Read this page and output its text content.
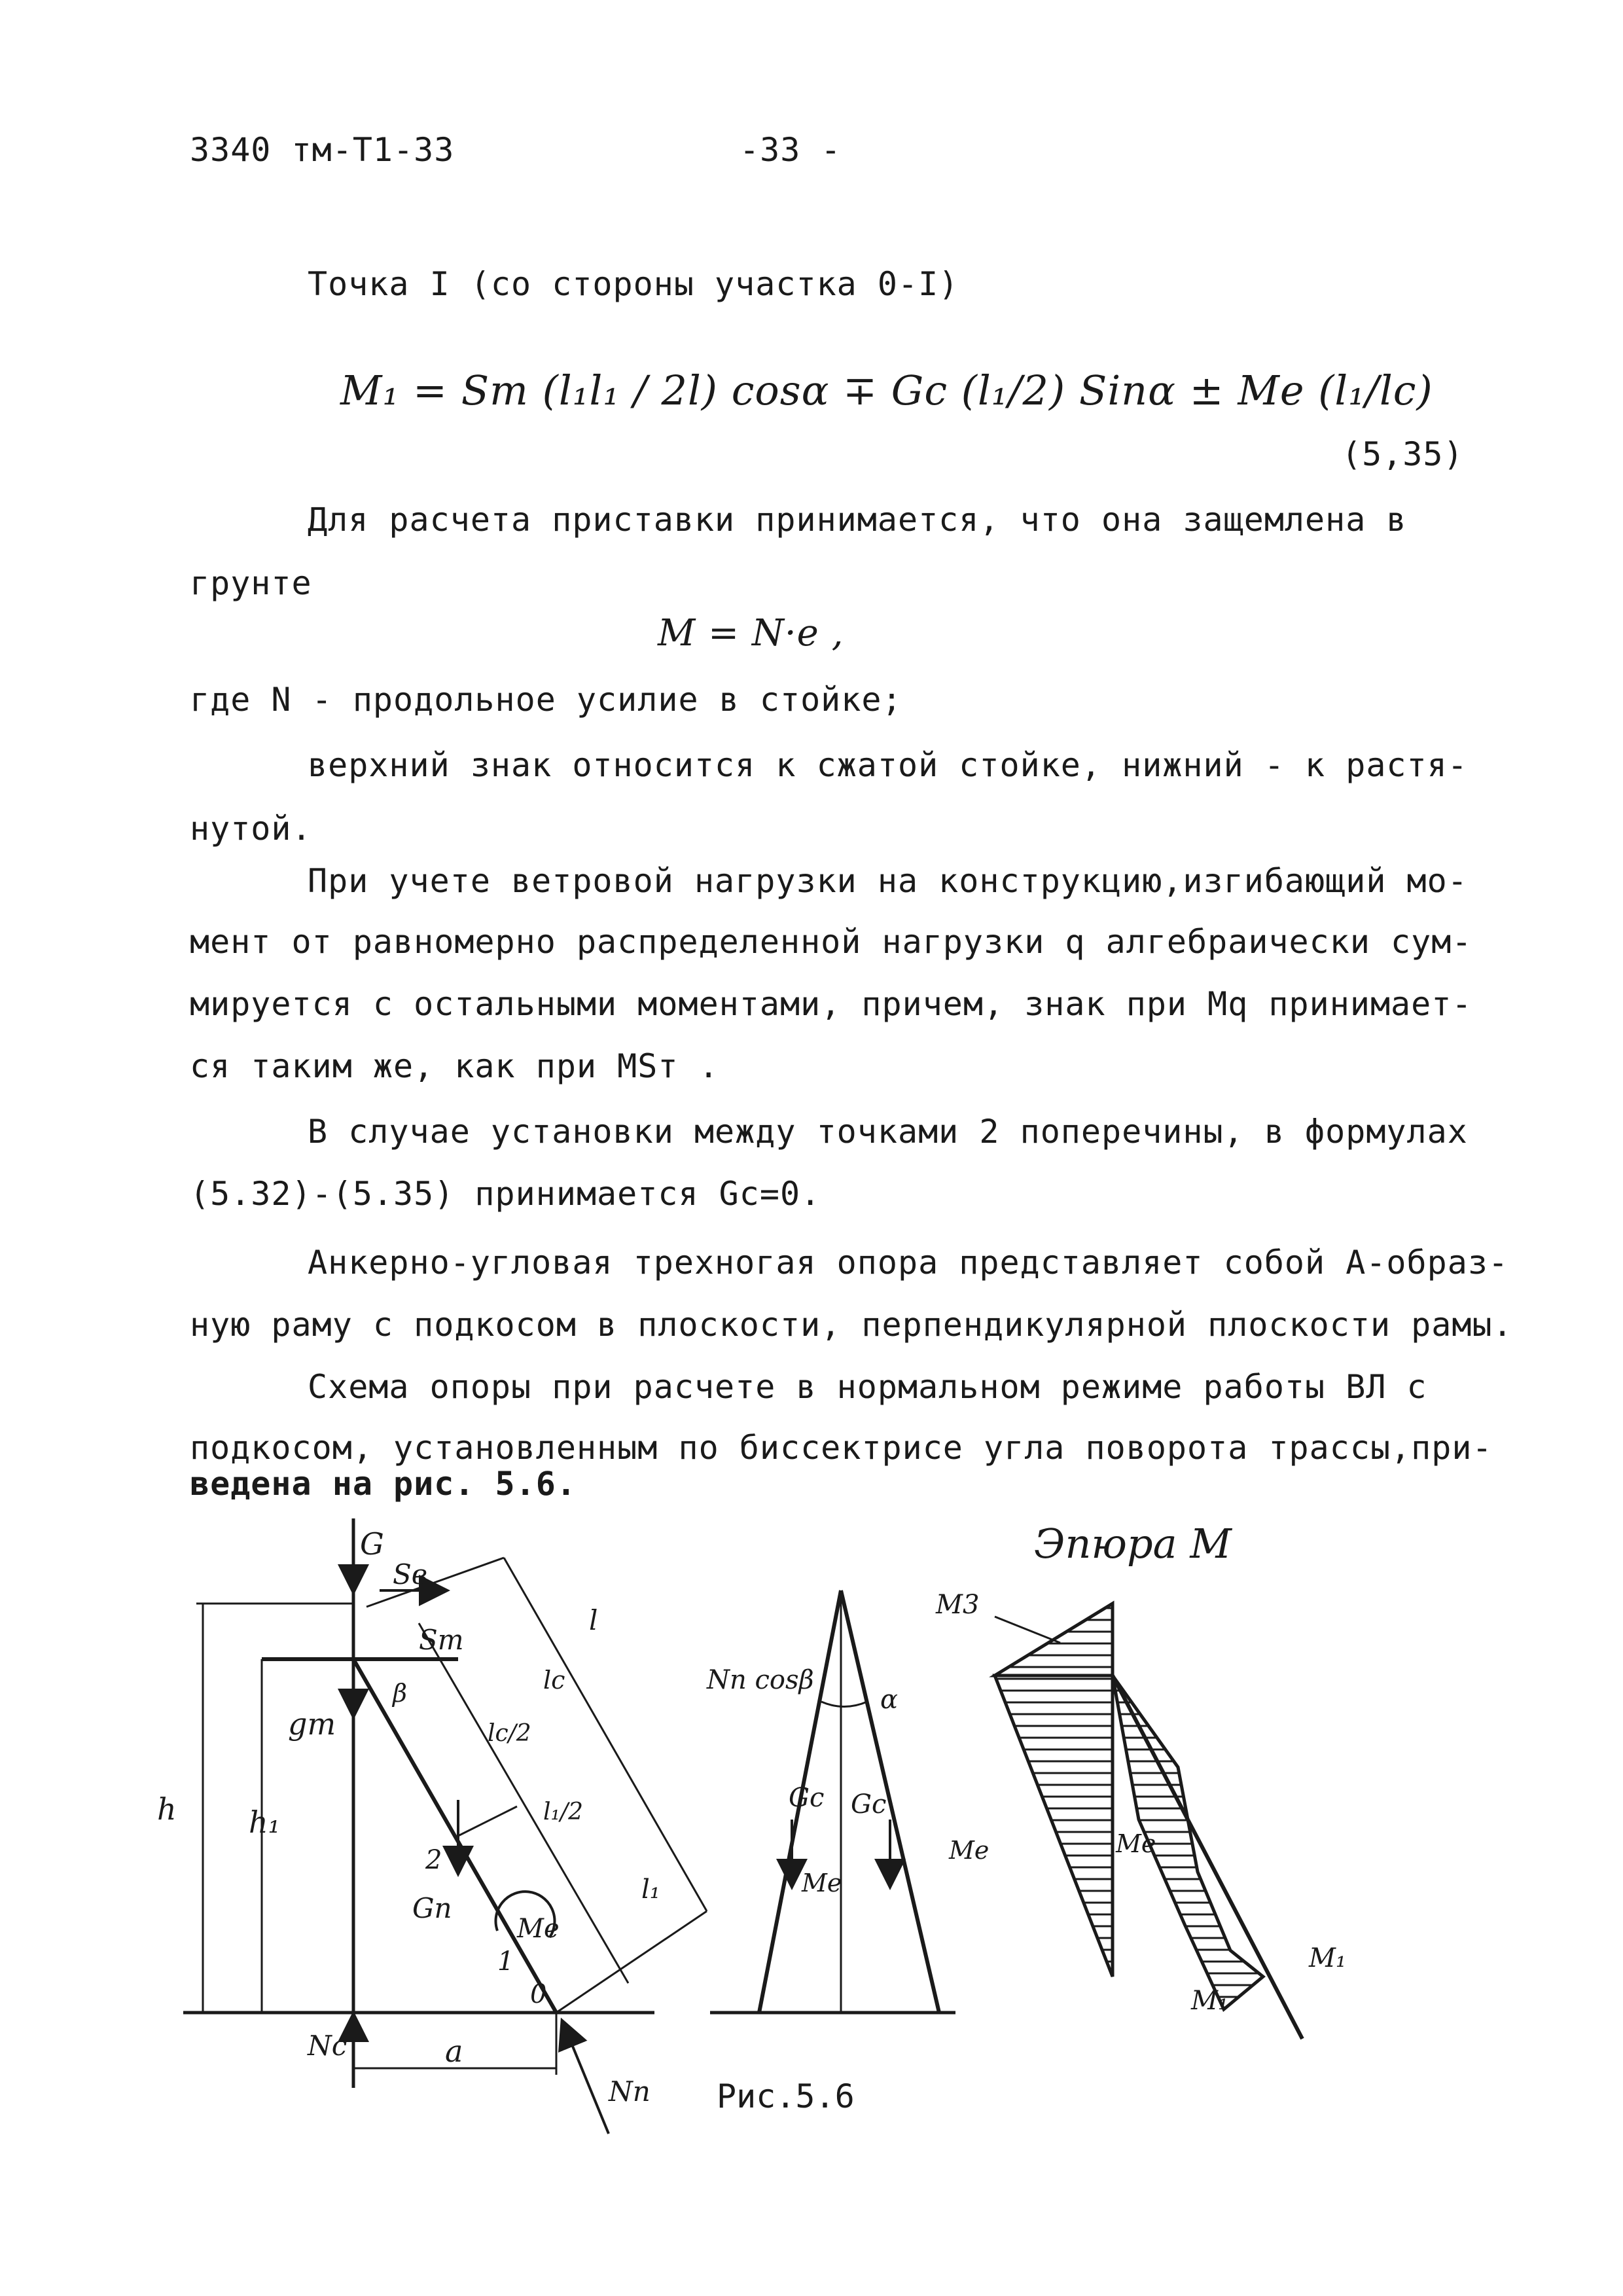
3340 тм-Т1-33	-33 -
Точка I (со стороны участка 0-I)
M₁ = Sт (l₁l₁ / 2l) cosα ∓ Gc (l₁/2) Sinα ± Me (l₁/lc)
(5,35)
Для расчета приставки принимается, что она защемлена в
грунте
M = N·e ,
где N - продольное усилие в стойке;
верхний знак относится к сжатой стойке, нижний - к растя-
нутой.
При учете ветровой нагрузки на конструкцию,изгибающий мо-
мент от равномерно распределенной нагрузки q алгебраически сум-
мируется с остальными моментами, причем, знак при Mq принимает-
ся таким же, как при MSт .
В случае установки между точками 2 поперечины, в формулах
(5.32)-(5.35) принимается Gc=0.
Анкерно-угловая трехногая опора представляет собой А-образ-
ную раму с подкосом в плоскости, перпендикулярной плоскости рамы.
Схема опоры при расчете в нормальном режиме работы ВЛ с
подкосом, установленным по биссектрисе угла поворота трассы,при-
ведена на рис. 5.6.
G
Sв
Sт
gт
β
h h₁
l
lc
lc/2
l₁/2
l₁
2
1
0
Gп
Me
Nc	a
Nп
Nп cosβ
α
Gc Gc
Me
Me
Эпюра M
M3
Me
M₁
M₁
Рис.5.6
